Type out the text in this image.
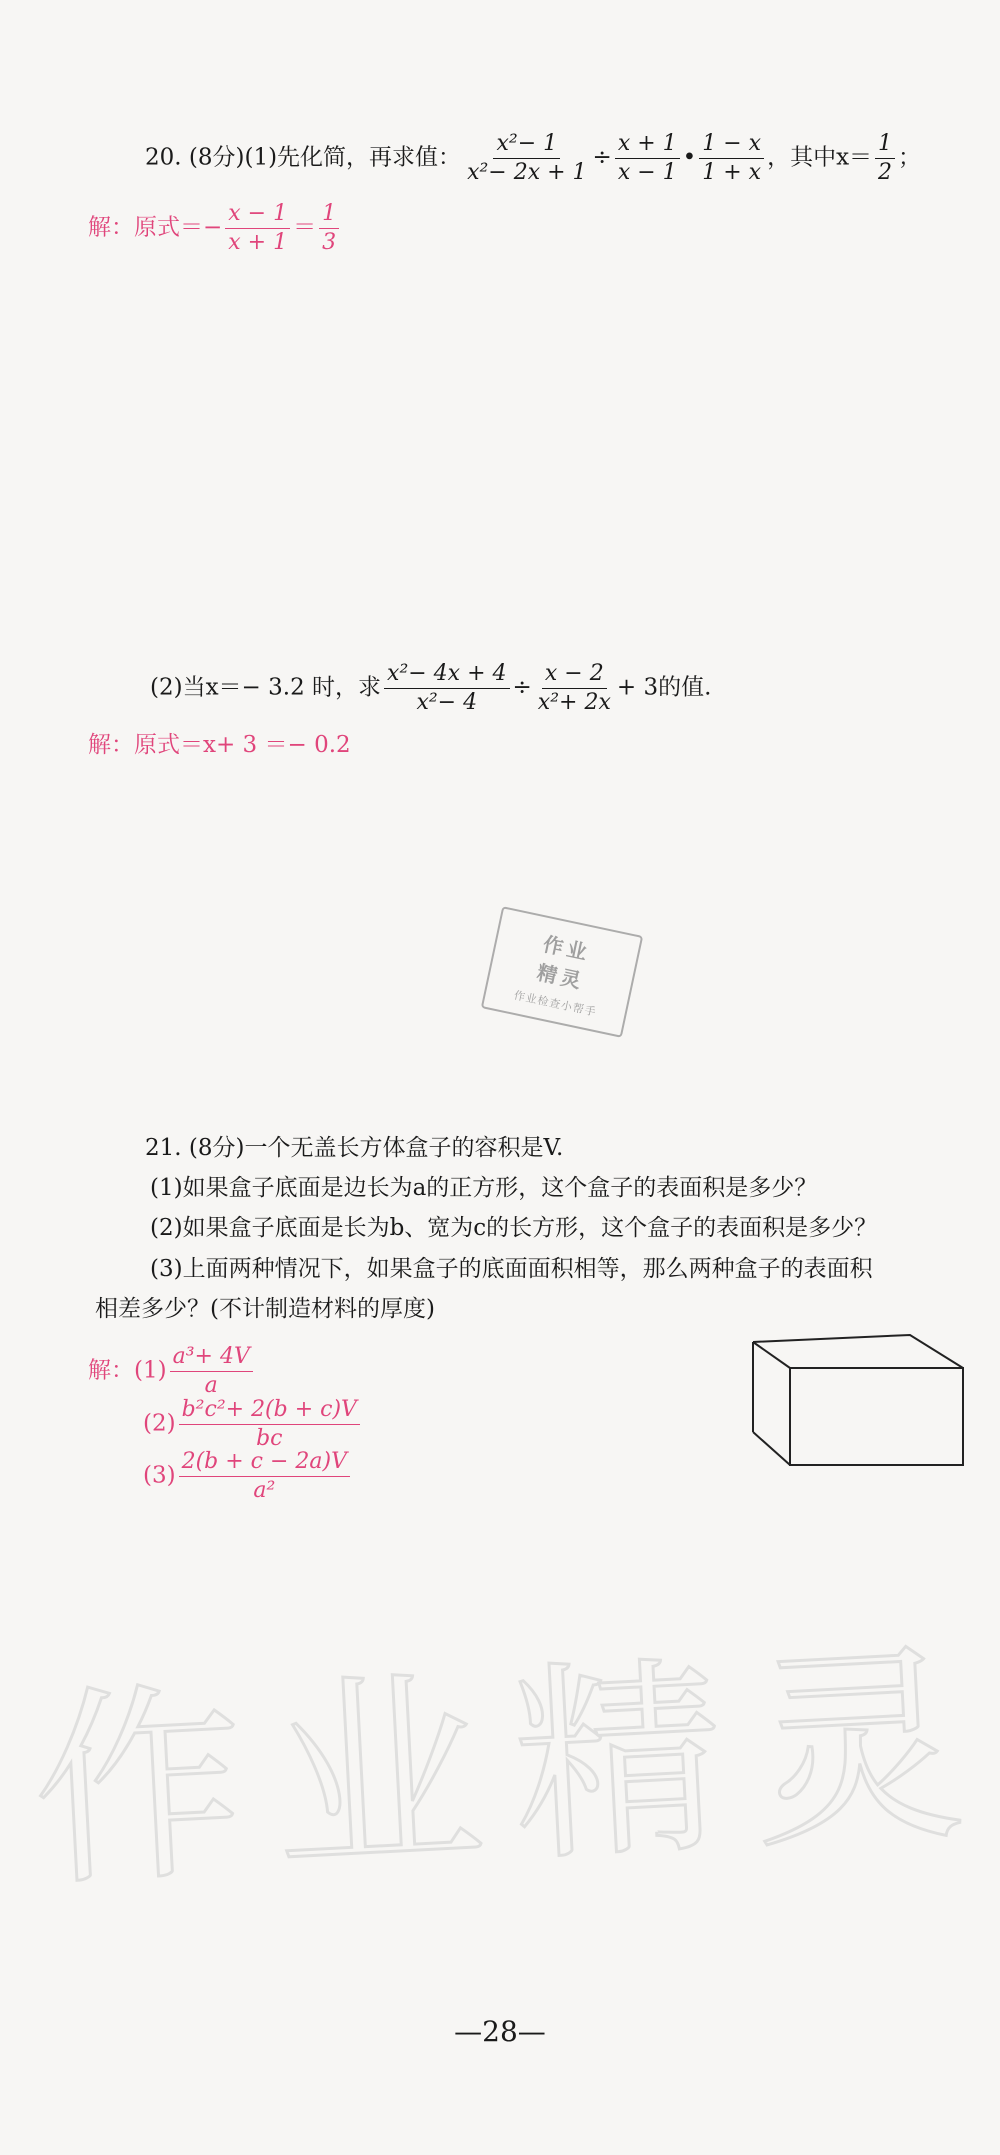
作业精灵
20. (8分)(1)先化简，再求值： $\frac{\text{x²− 1}}{\text{x²− 2x + 1}} \div \frac{x + 1}{x - 1}$ • $\frac{1 - x}{1 + x}$ ，其中$x= \frac{1}{2}$ ；
解：原式＝− $\frac{x - 1}{x + 1} = \frac{1}{3}$
(2)当x＝− 3.2 时，求 $\frac{\text{x²− 4x + 4}}{\text{x²− 4}} \div \frac{x - 2}{\text{x²+ 2x}} + 3$的值.
解：原式＝x+ 3 ＝− 0.2
作业
精灵
作业检查小帮手
21. (8分)一个无盖长方体盒子的容积是V.
(1)如果盒子底面是边长为a的正方形，这个盒子的表面积是多少？
(2)如果盒子底面是长为b、宽为c的长方形，这个盒子的表面积是多少？
(3)上面两种情况下，如果盒子的底面面积相等，那么两种盒子的表面积
相差多少？(不计制造材料的厚度)
解：$(1) \frac{\text{a³+ 4V}}{a}$
$(2) \frac{\text{b²c²+ 2(b + c)V}}{bc}$
$(3) \frac{2(b + c - 2a)V}{\text{a²}}$
—28—
